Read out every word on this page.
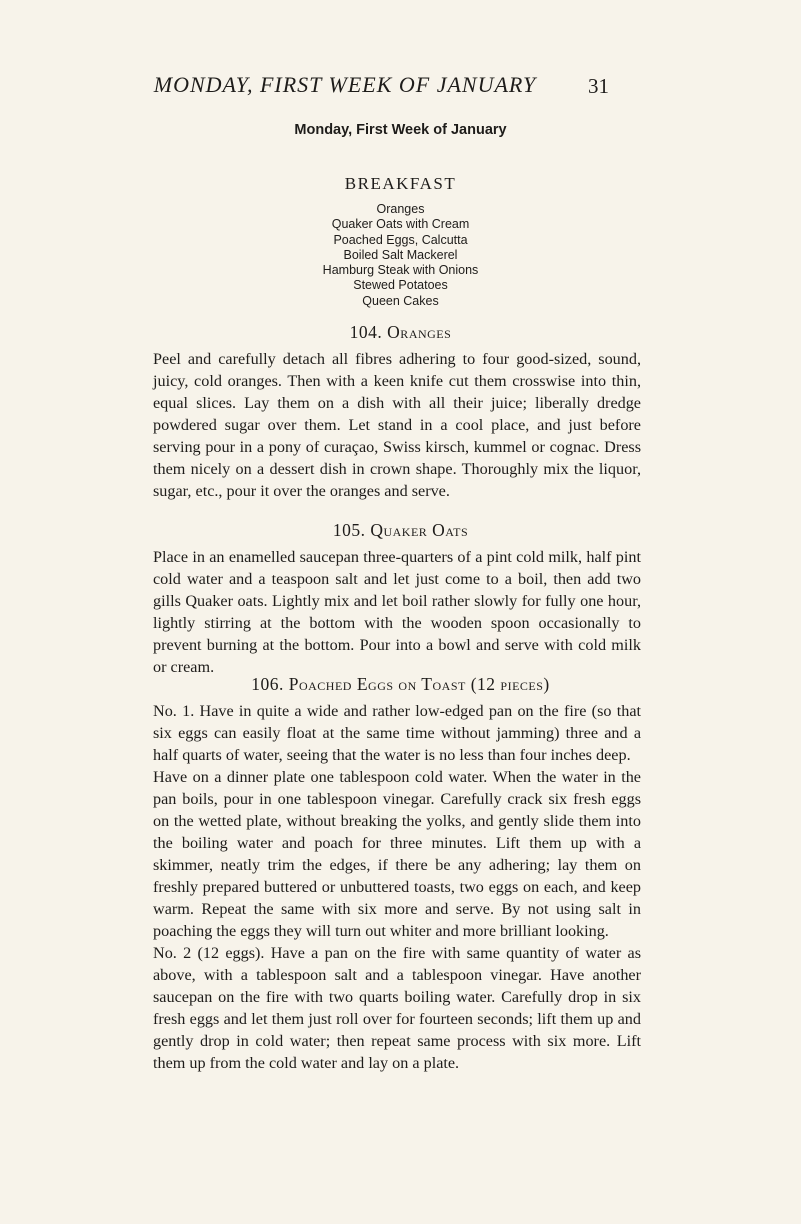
MONDAY, FIRST WEEK OF JANUARY 31
Monday, First Week of January
BREAKFAST
Oranges
Quaker Oats with Cream
Poached Eggs, Calcutta
Boiled Salt Mackerel
Hamburg Steak with Onions
Stewed Potatoes
Queen Cakes
104. Oranges

Peel and carefully detach all fibres adhering to four good-sized, sound, juicy, cold oranges. Then with a keen knife cut them crosswise into thin, equal slices. Lay them on a dish with all their juice; liberally dredge powdered sugar over them. Let stand in a cool place, and just before serving pour in a pony of curaçao, Swiss kirsch, kummel or cognac. Dress them nicely on a dessert dish in crown shape. Thoroughly mix the liquor, sugar, etc., pour it over the oranges and serve.

105. Quaker Oats

Place in an enamelled saucepan three-quarters of a pint cold milk, half pint cold water and a teaspoon salt and let just come to a boil, then add two gills Quaker oats. Lightly mix and let boil rather slowly for fully one hour, lightly stirring at the bottom with the wooden spoon occasionally to prevent burning at the bottom. Pour into a bowl and serve with cold milk or cream.

106. Poached Eggs on Toast (12 pieces)

No. 1. Have in quite a wide and rather low-edged pan on the fire (so that six eggs can easily float at the same time without jamming) three and a half quarts of water, seeing that the water is no less than four inches deep.

Have on a dinner plate one tablespoon cold water. When the water in the pan boils, pour in one tablespoon vinegar. Carefully crack six fresh eggs on the wetted plate, without breaking the yolks, and gently slide them into the boiling water and poach for three minutes. Lift them up with a skimmer, neatly trim the edges, if there be any adhering; lay them on freshly prepared buttered or unbuttered toasts, two eggs on each, and keep warm. Repeat the same with six more and serve. By not using salt in poaching the eggs they will turn out whiter and more brilliant looking.

No. 2 (12 eggs). Have a pan on the fire with same quantity of water as above, with a tablespoon salt and a tablespoon vinegar. Have another saucepan on the fire with two quarts boiling water. Carefully drop in six fresh eggs and let them just roll over for fourteen seconds; lift them up and gently drop in cold water; then repeat same process with six more. Lift them up from the cold water and lay on a plate.
